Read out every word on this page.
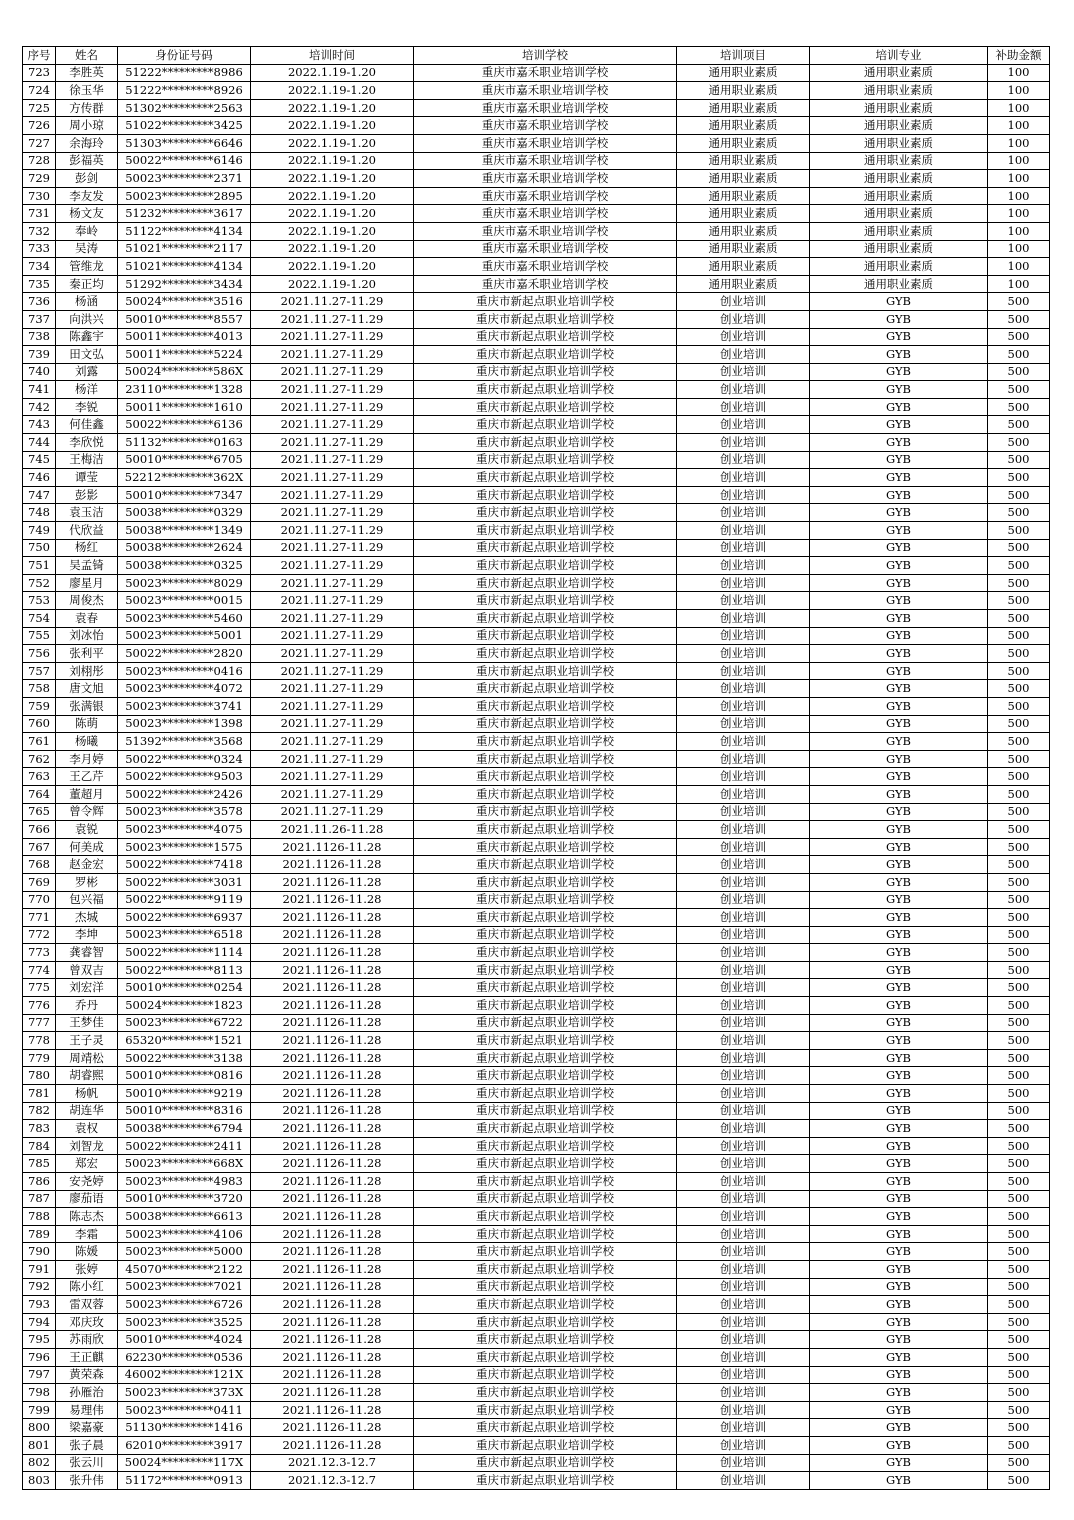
序号	姓名	身份证号码	培训时间	培训学校	培训项目	培训专业	补助金额
723	李胜英	51222*********8986	2022.1.19-1.20	重庆市嘉禾职业培训学校	通用职业素质	通用职业素质	100
724	徐玉华	51222*********8926	2022.1.19-1.20	重庆市嘉禾职业培训学校	通用职业素质	通用职业素质	100
725	方传群	51302*********2563	2022.1.19-1.20	重庆市嘉禾职业培训学校	通用职业素质	通用职业素质	100
726	周小琼	51022*********3425	2022.1.19-1.20	重庆市嘉禾职业培训学校	通用职业素质	通用职业素质	100
727	余海玲	51303*********6646	2022.1.19-1.20	重庆市嘉禾职业培训学校	通用职业素质	通用职业素质	100
728	彭福英	50022*********6146	2022.1.19-1.20	重庆市嘉禾职业培训学校	通用职业素质	通用职业素质	100
729	彭剑	50023*********2371	2022.1.19-1.20	重庆市嘉禾职业培训学校	通用职业素质	通用职业素质	100
730	李友发	50023*********2895	2022.1.19-1.20	重庆市嘉禾职业培训学校	通用职业素质	通用职业素质	100
731	杨文友	51232*********3617	2022.1.19-1.20	重庆市嘉禾职业培训学校	通用职业素质	通用职业素质	100
732	奉岭	51122*********4134	2022.1.19-1.20	重庆市嘉禾职业培训学校	通用职业素质	通用职业素质	100
733	吴涛	51021*********2117	2022.1.19-1.20	重庆市嘉禾职业培训学校	通用职业素质	通用职业素质	100
734	管维龙	51021*********4134	2022.1.19-1.20	重庆市嘉禾职业培训学校	通用职业素质	通用职业素质	100
735	秦正均	51292*********3434	2022.1.19-1.20	重庆市嘉禾职业培训学校	通用职业素质	通用职业素质	100
736	杨涵	50024*********3516	2021.11.27-11.29	重庆市新起点职业培训学校	创业培训	GYB	500
737	向洪兴	50010*********8557	2021.11.27-11.29	重庆市新起点职业培训学校	创业培训	GYB	500
738	陈鑫宇	50011*********4013	2021.11.27-11.29	重庆市新起点职业培训学校	创业培训	GYB	500
739	田文弘	50011*********5224	2021.11.27-11.29	重庆市新起点职业培训学校	创业培训	GYB	500
740	刘露	50024*********586X	2021.11.27-11.29	重庆市新起点职业培训学校	创业培训	GYB	500
741	杨洋	23110*********1328	2021.11.27-11.29	重庆市新起点职业培训学校	创业培训	GYB	500
742	李锐	50011*********1610	2021.11.27-11.29	重庆市新起点职业培训学校	创业培训	GYB	500
743	何佳鑫	50022*********6136	2021.11.27-11.29	重庆市新起点职业培训学校	创业培训	GYB	500
744	李欣悦	51132*********0163	2021.11.27-11.29	重庆市新起点职业培训学校	创业培训	GYB	500
745	王梅洁	50010*********6705	2021.11.27-11.29	重庆市新起点职业培训学校	创业培训	GYB	500
746	谭莹	52212*********362X	2021.11.27-11.29	重庆市新起点职业培训学校	创业培训	GYB	500
747	彭影	50010*********7347	2021.11.27-11.29	重庆市新起点职业培训学校	创业培训	GYB	500
748	袁玉洁	50038*********0329	2021.11.27-11.29	重庆市新起点职业培训学校	创业培训	GYB	500
749	代欣益	50038*********1349	2021.11.27-11.29	重庆市新起点职业培训学校	创业培训	GYB	500
750	杨红	50038*********2624	2021.11.27-11.29	重庆市新起点职业培训学校	创业培训	GYB	500
751	吴孟锜	50038*********0325	2021.11.27-11.29	重庆市新起点职业培训学校	创业培训	GYB	500
752	廖星月	50023*********8029	2021.11.27-11.29	重庆市新起点职业培训学校	创业培训	GYB	500
753	周俊杰	50023*********0015	2021.11.27-11.29	重庆市新起点职业培训学校	创业培训	GYB	500
754	袁春	50023*********5460	2021.11.27-11.29	重庆市新起点职业培训学校	创业培训	GYB	500
755	刘冰怡	50023*********5001	2021.11.27-11.29	重庆市新起点职业培训学校	创业培训	GYB	500
756	张利平	50022*********2820	2021.11.27-11.29	重庆市新起点职业培训学校	创业培训	GYB	500
757	刘栩彤	50023*********0416	2021.11.27-11.29	重庆市新起点职业培训学校	创业培训	GYB	500
758	唐文旭	50023*********4072	2021.11.27-11.29	重庆市新起点职业培训学校	创业培训	GYB	500
759	张满银	50023*********3741	2021.11.27-11.29	重庆市新起点职业培训学校	创业培训	GYB	500
760	陈萌	50023*********1398	2021.11.27-11.29	重庆市新起点职业培训学校	创业培训	GYB	500
761	杨曦	51392*********3568	2021.11.27-11.29	重庆市新起点职业培训学校	创业培训	GYB	500
762	李月婷	50022*********0324	2021.11.27-11.29	重庆市新起点职业培训学校	创业培训	GYB	500
763	王乙芹	50022*********9503	2021.11.27-11.29	重庆市新起点职业培训学校	创业培训	GYB	500
764	董超月	50022*********2426	2021.11.27-11.29	重庆市新起点职业培训学校	创业培训	GYB	500
765	曾令辉	50023*********3578	2021.11.27-11.29	重庆市新起点职业培训学校	创业培训	GYB	500
766	袁锐	50023*********4075	2021.11.26-11.28	重庆市新起点职业培训学校	创业培训	GYB	500
767	何美成	50023*********1575	2021.1126-11.28	重庆市新起点职业培训学校	创业培训	GYB	500
768	赵金宏	50022*********7418	2021.1126-11.28	重庆市新起点职业培训学校	创业培训	GYB	500
769	罗彬	50022*********3031	2021.1126-11.28	重庆市新起点职业培训学校	创业培训	GYB	500
770	包兴福	50022*********9119	2021.1126-11.28	重庆市新起点职业培训学校	创业培训	GYB	500
771	杰城	50022*********6937	2021.1126-11.28	重庆市新起点职业培训学校	创业培训	GYB	500
772	李坤	50023*********6518	2021.1126-11.28	重庆市新起点职业培训学校	创业培训	GYB	500
773	龚睿智	50022*********1114	2021.1126-11.28	重庆市新起点职业培训学校	创业培训	GYB	500
774	曾双吉	50022*********8113	2021.1126-11.28	重庆市新起点职业培训学校	创业培训	GYB	500
775	刘宏洋	50010*********0254	2021.1126-11.28	重庆市新起点职业培训学校	创业培训	GYB	500
776	乔丹	50024*********1823	2021.1126-11.28	重庆市新起点职业培训学校	创业培训	GYB	500
777	王梦佳	50023*********6722	2021.1126-11.28	重庆市新起点职业培训学校	创业培训	GYB	500
778	王子灵	65320*********1521	2021.1126-11.28	重庆市新起点职业培训学校	创业培训	GYB	500
779	周靖松	50022*********3138	2021.1126-11.28	重庆市新起点职业培训学校	创业培训	GYB	500
780	胡睿熙	50010*********0816	2021.1126-11.28	重庆市新起点职业培训学校	创业培训	GYB	500
781	杨帆	50010*********9219	2021.1126-11.28	重庆市新起点职业培训学校	创业培训	GYB	500
782	胡连华	50010*********8316	2021.1126-11.28	重庆市新起点职业培训学校	创业培训	GYB	500
783	袁权	50038*********6794	2021.1126-11.28	重庆市新起点职业培训学校	创业培训	GYB	500
784	刘智龙	50022*********2411	2021.1126-11.28	重庆市新起点职业培训学校	创业培训	GYB	500
785	郑宏	50023*********668X	2021.1126-11.28	重庆市新起点职业培训学校	创业培训	GYB	500
786	安尧婷	50023*********4983	2021.1126-11.28	重庆市新起点职业培训学校	创业培训	GYB	500
787	廖茄语	50010*********3720	2021.1126-11.28	重庆市新起点职业培训学校	创业培训	GYB	500
788	陈志杰	50038*********6613	2021.1126-11.28	重庆市新起点职业培训学校	创业培训	GYB	500
789	李霜	50023*********4106	2021.1126-11.28	重庆市新起点职业培训学校	创业培训	GYB	500
790	陈媛	50023*********5000	2021.1126-11.28	重庆市新起点职业培训学校	创业培训	GYB	500
791	张婷	45070*********2122	2021.1126-11.28	重庆市新起点职业培训学校	创业培训	GYB	500
792	陈小红	50023*********7021	2021.1126-11.28	重庆市新起点职业培训学校	创业培训	GYB	500
793	雷双蓉	50023*********6726	2021.1126-11.28	重庆市新起点职业培训学校	创业培训	GYB	500
794	邓庆玫	50023*********3525	2021.1126-11.28	重庆市新起点职业培训学校	创业培训	GYB	500
795	苏雨欣	50010*********4024	2021.1126-11.28	重庆市新起点职业培训学校	创业培训	GYB	500
796	王正麒	62230*********0536	2021.1126-11.28	重庆市新起点职业培训学校	创业培训	GYB	500
797	黄荣森	46002*********121X	2021.1126-11.28	重庆市新起点职业培训学校	创业培训	GYB	500
798	孙雁治	50023*********373X	2021.1126-11.28	重庆市新起点职业培训学校	创业培训	GYB	500
799	易理伟	50023*********0411	2021.1126-11.28	重庆市新起点职业培训学校	创业培训	GYB	500
800	梁嘉豪	51130*********1416	2021.1126-11.28	重庆市新起点职业培训学校	创业培训	GYB	500
801	张子晨	62010*********3917	2021.1126-11.28	重庆市新起点职业培训学校	创业培训	GYB	500
802	张云川	50024*********117X	2021.12.3-12.7	重庆市新起点职业培训学校	创业培训	GYB	500
803	张升伟	51172*********0913	2021.12.3-12.7	重庆市新起点职业培训学校	创业培训	GYB	500
